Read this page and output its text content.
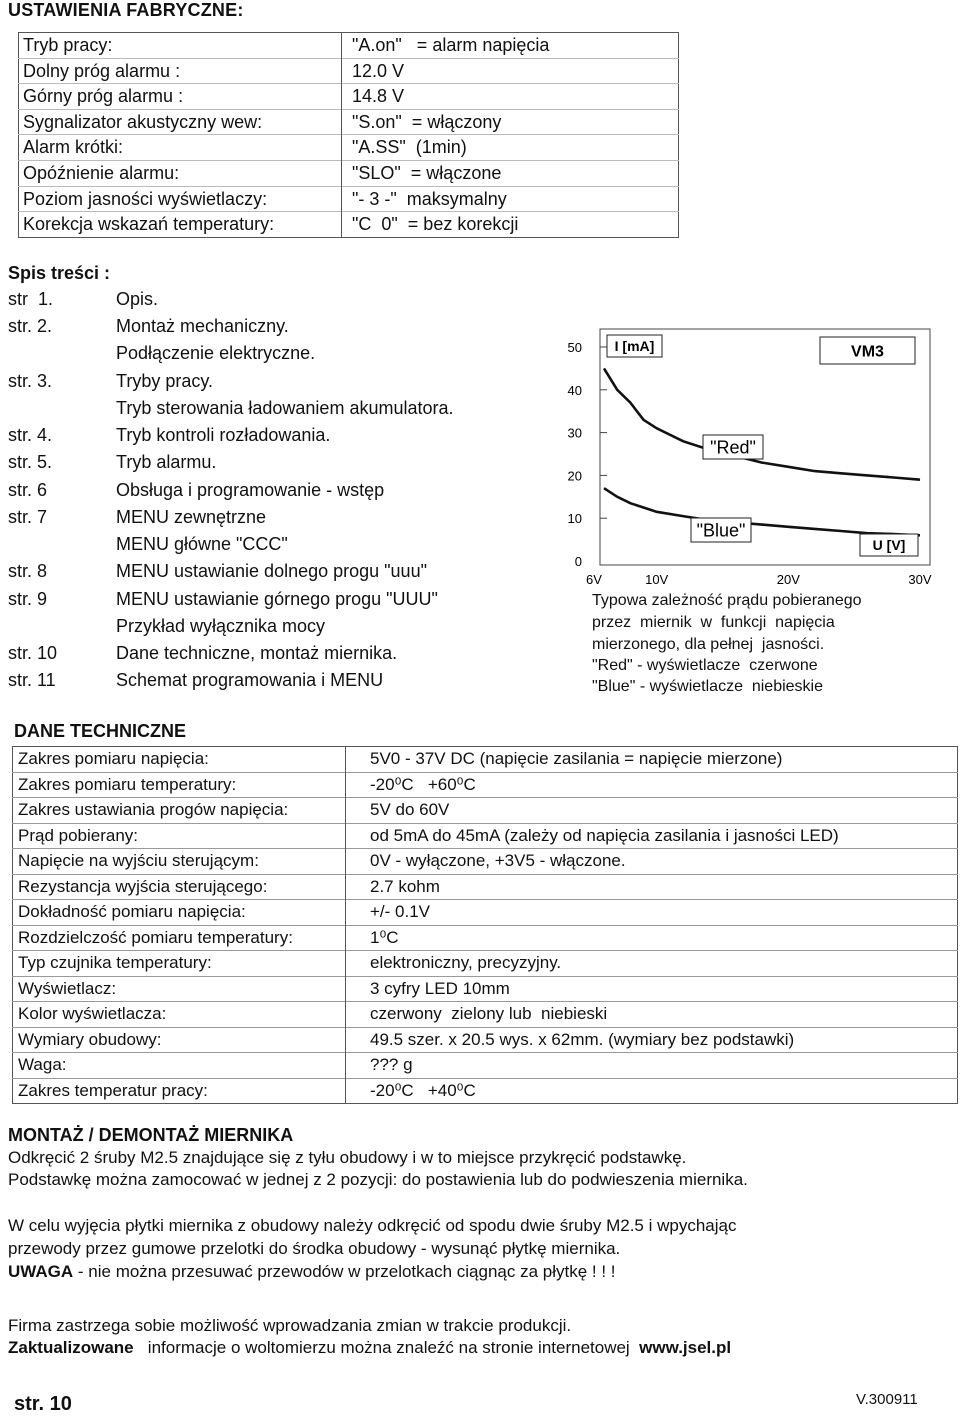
USTAWIENIA FABRYCZNE:
Tryb pracy:	"A.on"   = alarm napięcia
Dolny próg alarmu :	12.0 V
Górny próg alarmu :	14.8 V
Sygnalizator akustyczny wew:	"S.on"  = włączony
Alarm krótki:	"A.SS"  (1min)
Opóźnienie alarmu:	"SLO"  = włączone
Poziom jasności wyświetlaczy:	"- 3 -"  maksymalny
Korekcja wskazań temperatury:	"C  0"  = bez korekcji
Spis treści :
str  1.	Opis.
str. 2.	Montaż mechaniczny.
Podłączenie elektryczne.
str. 3.	Tryby pracy.
Tryb sterowania ładowaniem akumulatora.
str. 4.	Tryb kontroli rozładowania.
str. 5.	Tryb alarmu.
str. 6	Obsługa i programowanie - wstęp
str. 7	MENU zewnętrzne
MENU główne "CCC"
str. 8	MENU ustawianie dolnego progu "uuu"
str. 9	MENU ustawianie górnego progu "UUU"
Przykład wyłącznika mocy
str. 10	Dane techniczne, montaż miernika.
str. 11	Schemat programowania i MENU
0
10
20
30
40
50
6V	10V	20V	30V
I [mA]	VM3
"Red"
"Blue"
U [V]
Typowa zależność prądu pobieranego
przez  miernik  w  funkcji  napięcia
mierzonego, dla pełnej  jasności.
"Red" - wyświetlacze  czerwone
"Blue" - wyświetlacze  niebieskie
DANE TECHNICZNE
Zakres pomiaru napięcia:	5V0 - 37V DC (napięcie zasilania = napięcie mierzone)
Zakres pomiaru temperatury:	-20⁰C   +60⁰C
Zakres ustawiania progów napięcia:	5V do 60V
Prąd pobierany:	od 5mA do 45mA (zależy od napięcia zasilania i jasności LED)
Napięcie na wyjściu sterującym:	0V - wyłączone, +3V5 - włączone.
Rezystancja wyjścia sterującego:	2.7 kohm
Dokładność pomiaru napięcia:	+/- 0.1V
Rozdzielczość pomiaru temperatury:	1⁰C
Typ czujnika temperatury:	elektroniczny, precyzyjny.
Wyświetlacz:	3 cyfry LED 10mm
Kolor wyświetlacza:	czerwony  zielony lub  niebieski
Wymiary obudowy:	49.5 szer. x 20.5 wys. x 62mm. (wymiary bez podstawki)
Waga:	??? g
Zakres temperatur pracy:	-20⁰C   +40⁰C
MONTAŻ / DEMONTAŻ MIERNIKA
Odkręcić 2 śruby M2.5 znajdujące się z tyłu obudowy i w to miejsce przykręcić podstawkę.
Podstawkę można zamocować w jednej z 2 pozycji: do postawienia lub do podwieszenia miernika.
W celu wyjęcia płytki miernika z obudowy należy odkręcić od spodu dwie śruby M2.5 i wpychając
przewody przez gumowe przelotki do środka obudowy - wysunąć płytkę miernika.
UWAGA - nie można przesuwać przewodów w przelotkach ciągnąc za płytkę ! ! !
Firma zastrzega sobie możliwość wprowadzania zmian w trakcie produkcji.
Zaktualizowane   informacje o woltomierzu można znaleźć na stronie internetowej  www.jsel.pl
str. 10	V.300911
